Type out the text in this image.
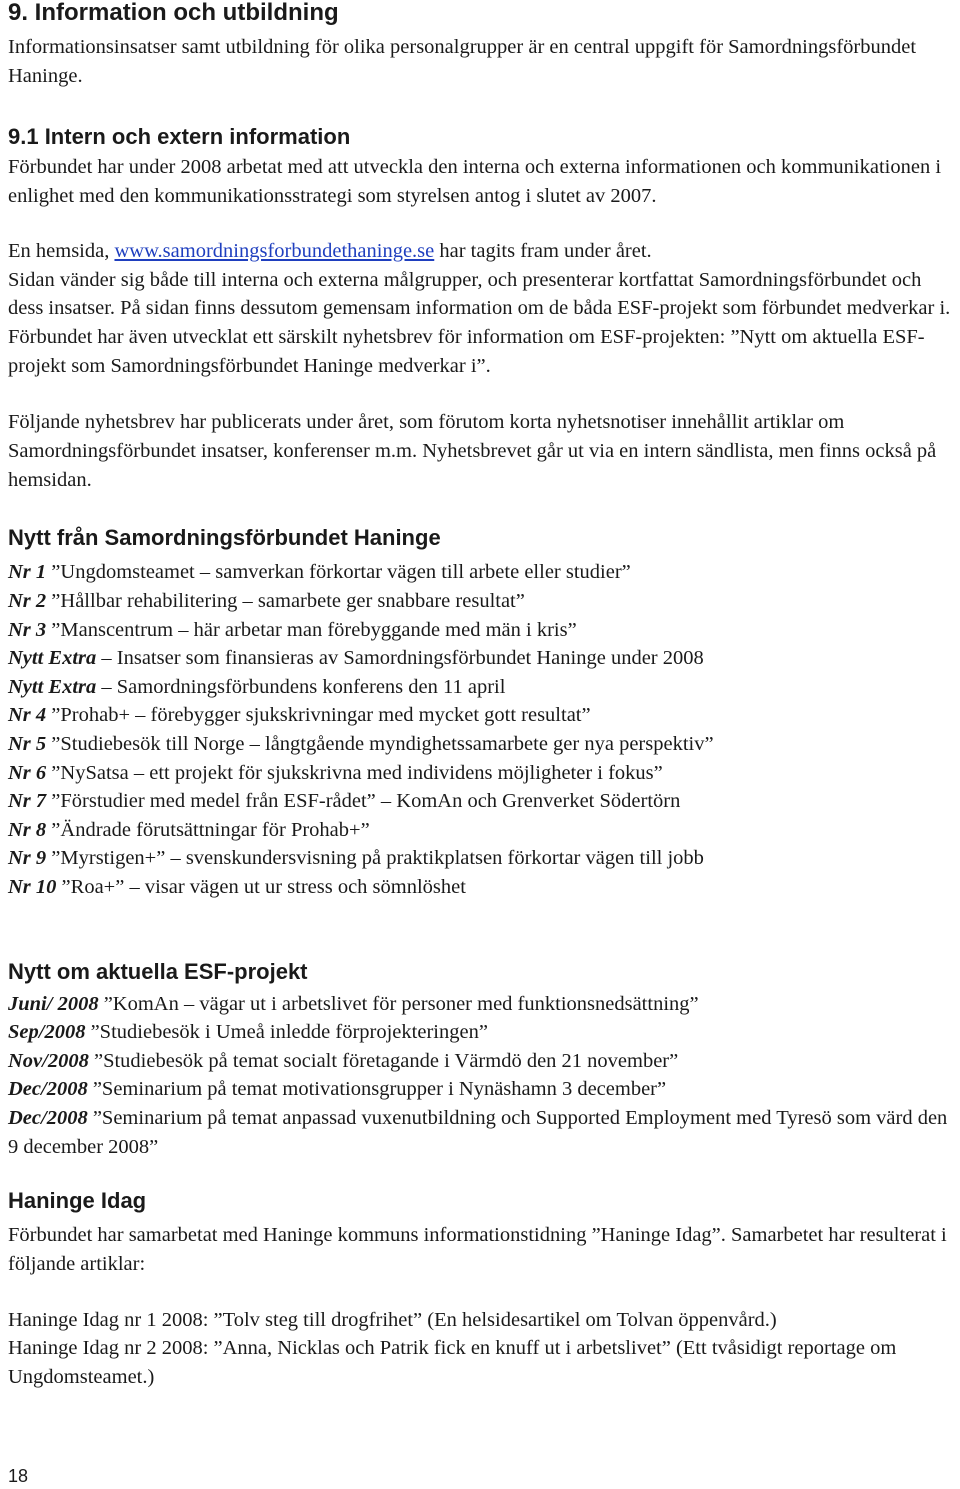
9. Information och utbildning

Informationsinsatser samt utbildning för olika personalgrupper är en central uppgift för Samordningsförbundet Haninge.

9.1 Intern och extern information

Förbundet har under 2008 arbetat med att utveckla den interna och externa informationen och kommunikationen i enlighet med den kommunikationsstrategi som styrelsen antog i slutet av 2007.

En hemsida, www.samordningsforbundethaninge.se har tagits fram under året.

Sidan vänder sig både till interna och externa målgrupper, och presenterar kortfattat Samordningsförbundet och dess insatser. På sidan finns dessutom gemensam information om de båda ESF-projekt som förbundet medverkar i. Förbundet har även utvecklat ett särskilt nyhetsbrev för information om ESF-projekten: ”Nytt om aktuella ESF-projekt som Samordningsförbundet Haninge medverkar i”.

Följande nyhetsbrev har publicerats under året, som förutom korta nyhetsnotiser innehållit artiklar om Samordningsförbundet insatser, konferenser m.m. Nyhetsbrevet går ut via en intern sändlista, men finns också på hemsidan.

Nytt från Samordningsförbundet Haninge
Nr 1 ”Ungdomsteamet – samverkan förkortar vägen till arbete eller studier”
Nr 2 ”Hållbar rehabilitering – samarbete ger snabbare resultat”
Nr 3 ”Manscentrum – här arbetar man förebyggande med män i kris”
Nytt Extra – Insatser som finansieras av Samordningsförbundet Haninge under 2008
Nytt Extra – Samordningsförbundens konferens den 11 april
Nr 4 ”Prohab+ – förebygger sjukskrivningar med mycket gott resultat”
Nr 5 ”Studiebesök till Norge – långtgående myndighetssamarbete ger nya perspektiv”
Nr 6 ”NySatsa – ett projekt för sjukskrivna med individens möjligheter i fokus”
Nr 7 ”Förstudier med medel från ESF-rådet” – KomAn och Grenverket Södertörn
Nr 8 ”Ändrade förutsättningar för Prohab+”
Nr 9 ”Myrstigen+” – svenskundersvisning på praktikplatsen förkortar vägen till jobb
Nr 10 ”Roa+” – visar vägen ut ur stress och sömnlöshet
Nytt om aktuella ESF-projekt
Juni/ 2008 ”KomAn – vägar ut i arbetslivet för personer med funktionsnedsättning”
Sep/2008 ”Studiebesök i Umeå inledde förprojekteringen”
Nov/2008 ”Studiebesök på temat socialt företagande i Värmdö den 21 november”
Dec/2008 ”Seminarium på temat motivationsgrupper i Nynäshamn 3 december”
Dec/2008 ”Seminarium på temat anpassad vuxenutbildning och Supported Employment med Tyresö som värd den 9 december 2008”
Haninge Idag

Förbundet har samarbetat med Haninge kommuns informationstidning ”Haninge Idag”. Samarbetet har resulterat i följande artiklar:

Haninge Idag nr 1 2008: ”Tolv steg till drogfrihet” (En helsidesartikel om Tolvan öppenvård.)

Haninge Idag nr 2 2008: ”Anna, Nicklas och Patrik fick en knuff ut i arbetslivet” (Ett tvåsidigt reportage om Ungdomsteamet.)

18
